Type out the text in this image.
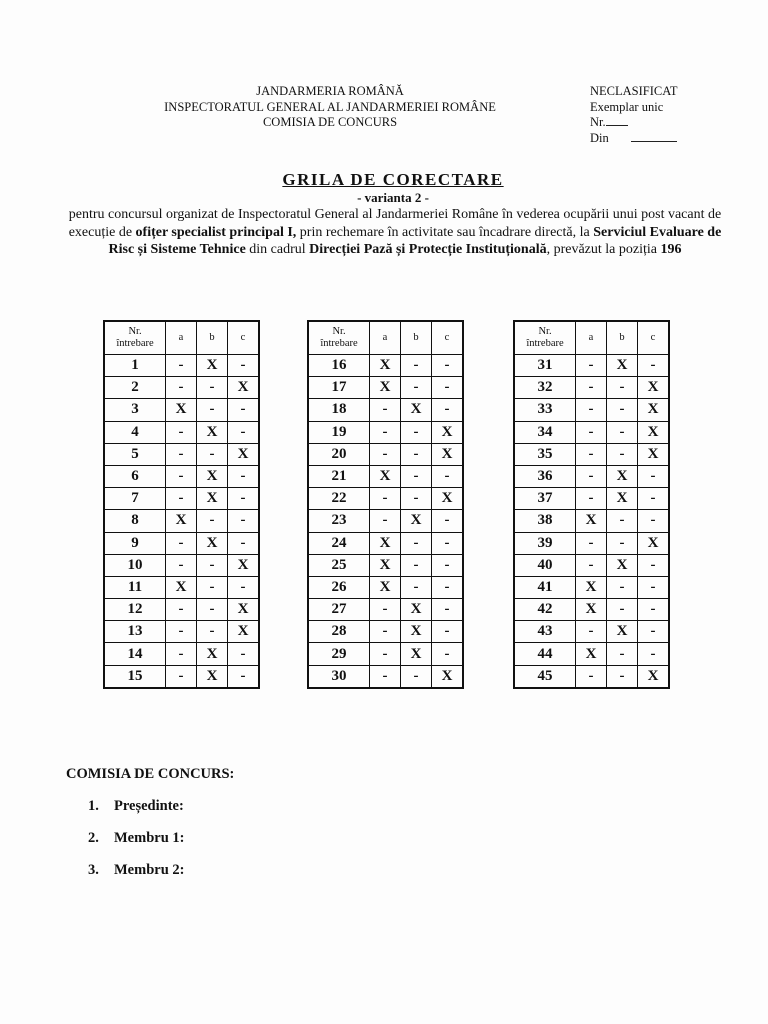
JANDARMERIA ROMÂNĂ
INSPECTORATUL GENERAL AL JANDARMERIEI ROMÂNE
COMISIA DE CONCURS
NECLASIFICAT
Exemplar unic
Nr.
Din
GRILA DE CORECTARE
- varianta 2 -
pentru concursul organizat de Inspectoratul General al Jandarmeriei Române în vederea ocupării unui post vacant de execuție de ofițer specialist principal I, prin rechemare în activitate sau încadrare directă, la Serviciul Evaluare de Risc și Sisteme Tehnice din cadrul Direcției Pază și Protecție Instituțională, prevăzut la poziția 196
Nr.
întrebare	a	b	c
1	-	X	-
2	-	-	X
3	X	-	-
4	-	X	-
5	-	-	X
6	-	X	-
7	-	X	-
8	X	-	-
9	-	X	-
10	-	-	X
11	X	-	-
12	-	-	X
13	-	-	X
14	-	X	-
15	-	X	-
Nr.
întrebare	a	b	c
16	X	-	-
17	X	-	-
18	-	X	-
19	-	-	X
20	-	-	X
21	X	-	-
22	-	-	X
23	-	X	-
24	X	-	-
25	X	-	-
26	X	-	-
27	-	X	-
28	-	X	-
29	-	X	-
30	-	-	X
Nr.
întrebare	a	b	c
31	-	X	-
32	-	-	X
33	-	-	X
34	-	-	X
35	-	-	X
36	-	X	-
37	-	X	-
38	X	-	-
39	-	-	X
40	-	X	-
41	X	-	-
42	X	-	-
43	-	X	-
44	X	-	-
45	-	-	X
COMISIA DE CONCURS:
1.	Președinte:
2.	Membru 1:
3.	Membru 2:
